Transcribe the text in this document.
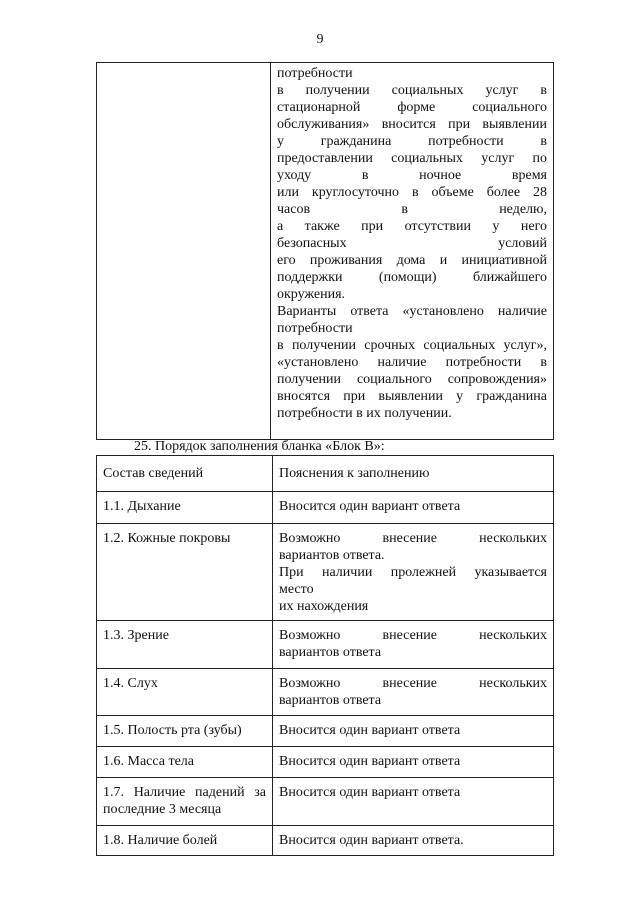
9

потребности
в получении социальных услуг в
стационарной форме социального
обслуживания» вносится при выявлении
у гражданина потребности в
предоставлении социальных услуг по
уходу в ночное время
или круглосуточно в объеме более 28
часов в неделю,
а также при отсутствии у него
безопасных условий
его проживания дома и инициативной
поддержки (помощи) ближайшего
окружения.
Варианты ответа «установлено наличие
потребности
в получении срочных социальных услуг»,
«установлено наличие потребности в
получении социального сопровождения»
вносятся при выявлении у гражданина
потребности в их получении.
25. Порядок заполнения бланка «Блок B»:
Состав сведений	Пояснения к заполнению

1.1. Дыхание	Вносится один вариант ответа

1.2. Кожные покровы	Возможно внесение нескольких
вариантов ответа.
При наличии пролежней указывается
место
их нахождения

1.3. Зрение	Возможно внесение нескольких
вариантов ответа

1.4. Слух	Возможно внесение нескольких
вариантов ответа

1.5. Полость рта (зубы)	Вносится один вариант ответа

1.6. Масса тела	Вносится один вариант ответа

1.7. Наличие падений за
последние 3 месяца	Вносится один вариант ответа

1.8. Наличие болей	Вносится один вариант ответа.
